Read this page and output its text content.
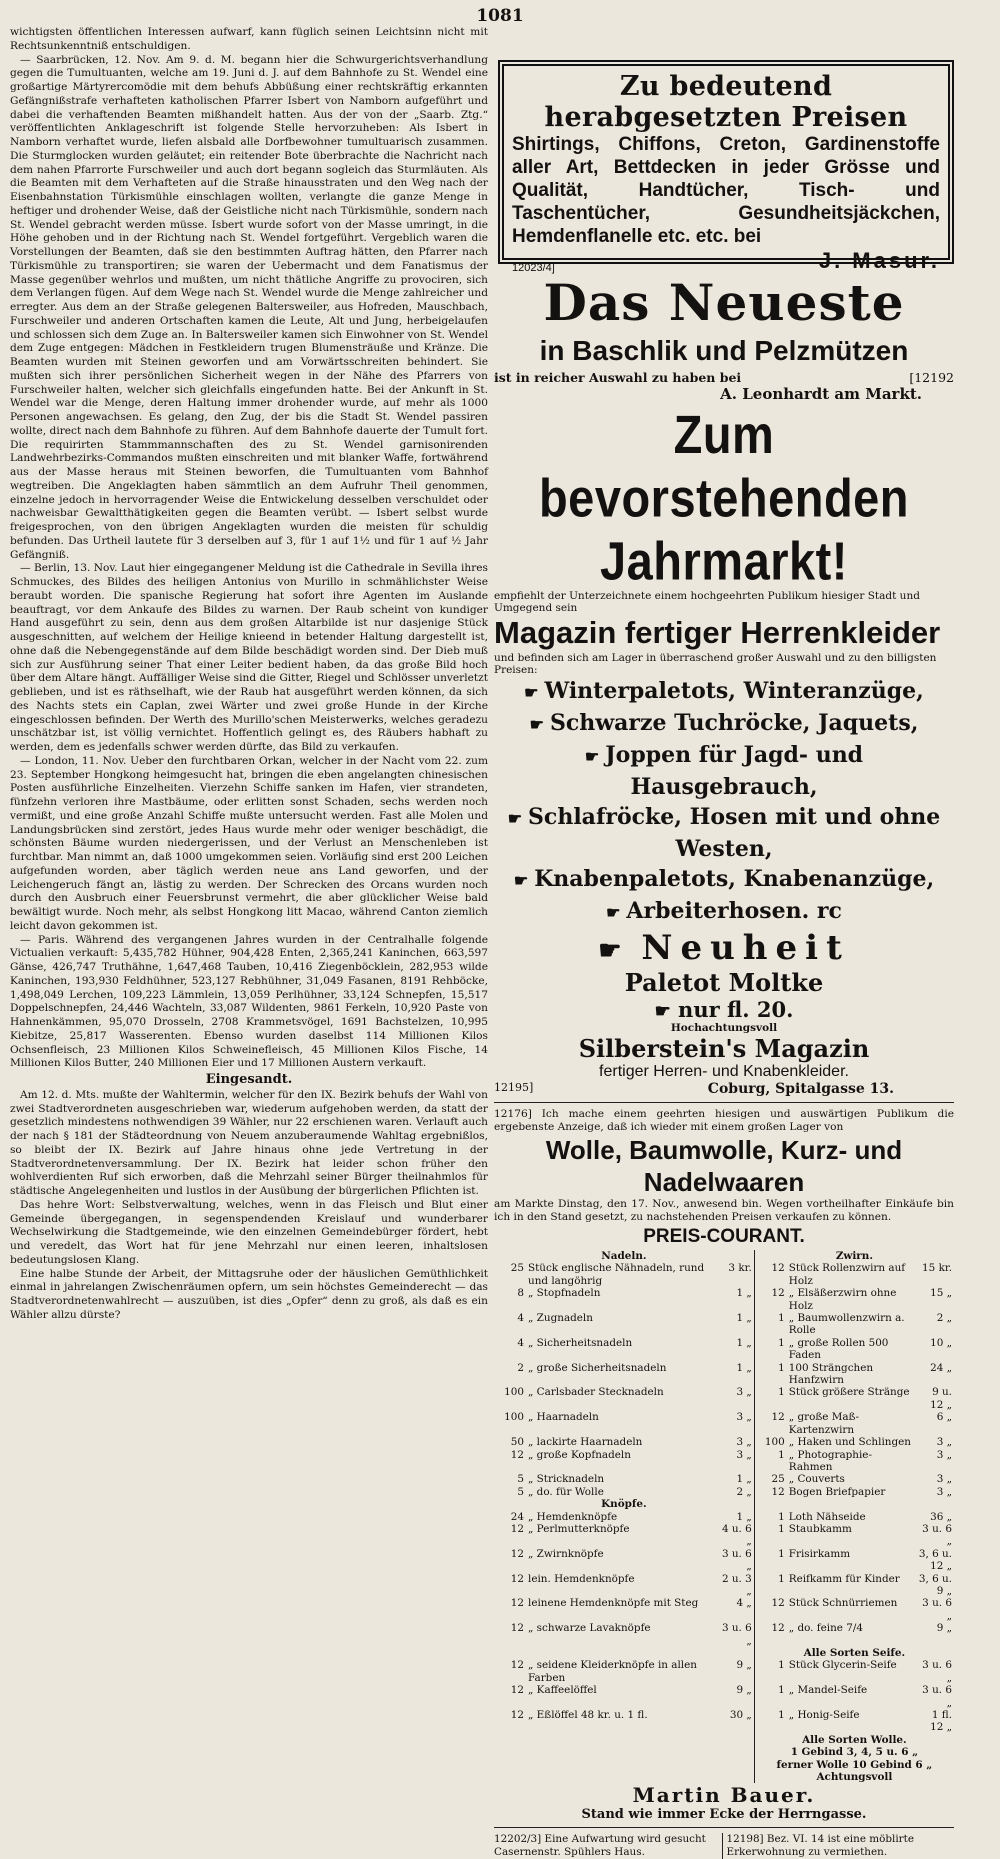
1081

wichtigsten öffentlichen Interessen aufwarf, kann füglich seinen Leichtsinn nicht mit Rechtsunkenntniß entschuldigen.

— Saarbrücken, 12. Nov. Am 9. d. M. begann hier die Schwurgerichtsverhandlung gegen die Tumultuanten, welche am 19. Juni d. J. auf dem Bahnhofe zu St. Wendel eine großartige Märtyrercomödie mit dem behufs Abbüßung einer rechtskräftig erkannten Gefängnißstrafe verhafteten katholischen Pfarrer Isbert von Namborn aufgeführt und dabei die verhaftenden Beamten mißhandelt hatten. Aus der von der „Saarb. Ztg.“ veröffentlichten Anklageschrift ist folgende Stelle hervorzuheben: Als Isbert in Namborn verhaftet wurde, liefen alsbald alle Dorfbewohner tumultuarisch zusammen. Die Sturmglocken wurden geläutet; ein reitender Bote überbrachte die Nachricht nach dem nahen Pfarrorte Furschweiler und auch dort begann sogleich das Sturmläuten. Als die Beamten mit dem Verhafteten auf die Straße hinausstraten und den Weg nach der Eisenbahnstation Türkismühle einschlagen wollten, verlangte die ganze Menge in heftiger und drohender Weise, daß der Geistliche nicht nach Türkismühle, sondern nach St. Wendel gebracht werden müsse. Isbert wurde sofort von der Masse umringt, in die Höhe gehoben und in der Richtung nach St. Wendel fortgeführt. Vergeblich waren die Vorstellungen der Beamten, daß sie den bestimmten Auftrag hätten, den Pfarrer nach Türkismühle zu transportiren; sie waren der Uebermacht und dem Fanatismus der Masse gegenüber wehrlos und mußten, um nicht thätliche Angriffe zu provociren, sich dem Verlangen fügen. Auf dem Wege nach St. Wendel wurde die Menge zahlreicher und erregter. Aus dem an der Straße gelegenen Baltersweiler, aus Hofreden, Mauschbach, Furschweiler und anderen Ortschaften kamen die Leute, Alt und Jung, herbeigelaufen und schlossen sich dem Zuge an. In Baltersweiler kamen sich Einwohner von St. Wendel dem Zuge entgegen: Mädchen in Festkleidern trugen Blumensträuße und Kränze. Die Beamten wurden mit Steinen geworfen und am Vorwärtsschreiten behindert. Sie mußten sich ihrer persönlichen Sicherheit wegen in der Nähe des Pfarrers von Furschweiler halten, welcher sich gleichfalls eingefunden hatte. Bei der Ankunft in St. Wendel war die Menge, deren Haltung immer drohender wurde, auf mehr als 1000 Personen angewachsen. Es gelang, den Zug, der bis die Stadt St. Wendel passiren wollte, direct nach dem Bahnhofe zu führen. Auf dem Bahnhofe dauerte der Tumult fort. Die requirirten Stammmannschaften des zu St. Wendel garnisonirenden Landwehrbezirks-Commandos mußten einschreiten und mit blanker Waffe, fortwährend aus der Masse heraus mit Steinen beworfen, die Tumultuanten vom Bahnhof wegtreiben. Die Angeklagten haben sämmtlich an dem Aufruhr Theil genommen, einzelne jedoch in hervorragender Weise die Entwickelung desselben verschuldet oder nachweisbar Gewaltthätigkeiten gegen die Beamten verübt. — Isbert selbst wurde freigesprochen, von den übrigen Angeklagten wurden die meisten für schuldig befunden. Das Urtheil lautete für 3 derselben auf 3, für 1 auf 1½ und für 1 auf ½ Jahr Gefängniß.

— Berlin, 13. Nov. Laut hier eingegangener Meldung ist die Cathedrale in Sevilla ihres Schmuckes, des Bildes des heiligen Antonius von Murillo in schmählichster Weise beraubt worden. Die spanische Regierung hat sofort ihre Agenten im Auslande beauftragt, vor dem Ankaufe des Bildes zu warnen. Der Raub scheint von kundiger Hand ausgeführt zu sein, denn aus dem großen Altarbilde ist nur dasjenige Stück ausgeschnitten, auf welchem der Heilige knieend in betender Haltung dargestellt ist, ohne daß die Nebengegenstände auf dem Bilde beschädigt worden sind. Der Dieb muß sich zur Ausführung seiner That einer Leiter bedient haben, da das große Bild hoch über dem Altare hängt. Auffälliger Weise sind die Gitter, Riegel und Schlösser unverletzt geblieben, und ist es räthselhaft, wie der Raub hat ausgeführt werden können, da sich des Nachts stets ein Caplan, zwei Wärter und zwei große Hunde in der Kirche eingeschlossen befinden. Der Werth des Murillo'schen Meisterwerks, welches geradezu unschätzbar ist, ist völlig vernichtet. Hoffentlich gelingt es, des Räubers habhaft zu werden, dem es jedenfalls schwer werden dürfte, das Bild zu verkaufen.

— London, 11. Nov. Ueber den furchtbaren Orkan, welcher in der Nacht vom 22. zum 23. September Hongkong heimgesucht hat, bringen die eben angelangten chinesischen Posten ausführliche Einzelheiten. Vierzehn Schiffe sanken im Hafen, vier strandeten, fünfzehn verloren ihre Mastbäume, oder erlitten sonst Schaden, sechs werden noch vermißt, und eine große Anzahl Schiffe mußte untersucht werden. Fast alle Molen und Landungsbrücken sind zerstört, jedes Haus wurde mehr oder weniger beschädigt, die schönsten Bäume wurden niedergerissen, und der Verlust an Menschenleben ist furchtbar. Man nimmt an, daß 1000 umgekommen seien. Vorläufig sind erst 200 Leichen aufgefunden worden, aber täglich werden neue ans Land geworfen, und der Leichengeruch fängt an, lästig zu werden. Der Schrecken des Orcans wurden noch durch den Ausbruch einer Feuersbrunst vermehrt, die aber glücklicher Weise bald bewältigt wurde. Noch mehr, als selbst Hongkong litt Macao, während Canton ziemlich leicht davon gekommen ist.

— Paris. Während des vergangenen Jahres wurden in der Centralhalle folgende Victualien verkauft: 5,435,782 Hühner, 904,428 Enten, 2,365,241 Kaninchen, 663,597 Gänse, 426,747 Truthähne, 1,647,468 Tauben, 10,416 Ziegenböcklein, 282,953 wilde Kaninchen, 193,930 Feldhühner, 523,127 Rebhühner, 31,049 Fasanen, 8191 Rehböcke, 1,498,049 Lerchen, 109,223 Lämmlein, 13,059 Perlhühner, 33,124 Schnepfen, 15,517 Doppelschnepfen, 24,446 Wachteln, 33,087 Wildenten, 9861 Ferkeln, 10,920 Paste von Hahnenkämmen, 95,070 Drosseln, 2708 Krammetsvögel, 1691 Bachstelzen, 10,995 Kiebitze, 25,817 Wasserenten. Ebenso wurden daselbst 114 Millionen Kilos Ochsenfleisch, 23 Millionen Kilos Schweinefleisch, 45 Millionen Kilos Fische, 14 Millionen Kilos Butter, 240 Millionen Eier und 17 Millionen Austern verkauft.

Eingesandt.

Am 12. d. Mts. mußte der Wahltermin, welcher für den IX. Bezirk behufs der Wahl von zwei Stadtverordneten ausgeschrieben war, wiederum aufgehoben werden, da statt der gesetzlich mindestens nothwendigen 39 Wähler, nur 22 erschienen waren. Verlauft auch der nach § 181 der Städteordnung von Neuem anzuberaumende Wahltag ergebnißlos, so bleibt der IX. Bezirk auf Jahre hinaus ohne jede Vertretung in der Stadtverordnetenversammlung. Der IX. Bezirk hat leider schon früher den wohlverdienten Ruf sich erworben, daß die Mehrzahl seiner Bürger theilnahmlos für städtische Angelegenheiten und lustlos in der Ausübung der bürgerlichen Pflichten ist.

Das hehre Wort: Selbstverwaltung, welches, wenn in das Fleisch und Blut einer Gemeinde übergegangen, in segenspendenden Kreislauf und wunderbarer Wechselwirkung die Stadtgemeinde, wie den einzelnen Gemeindebürger fördert, hebt und veredelt, das Wort hat für jene Mehrzahl nur einen leeren, inhaltslosen bedeutungslosen Klang.

Eine halbe Stunde der Arbeit, der Mittagsruhe oder der häuslichen Gemüthlichkeit einmal in jahrelangen Zwischenräumen opfern, um sein höchstes Gemeinderecht — das Stadtverordnetenwahlrecht — auszuüben, ist dies „Opfer“ denn zu groß, als daß es ein Wähler allzu dürste?

Zu bedeutend herabgesetzten Preisen
Shirtings, Chiffons, Creton, Gardinenstoffe aller Art, Bettdecken in jeder Grösse und Qualität, Handtücher, Tisch- und Taschentücher, Gesundheitsjäckchen, Hemdenflanelle etc. etc. bei
12023/4]	J. Masur.
Das Neueste
in Baschlik und Pelzmützen
ist in reicher Auswahl zu haben bei	[12192
A. Leonhardt am Markt.
Zum bevorstehenden Jahrmarkt!
empfiehlt der Unterzeichnete einem hochgeehrten Publikum hiesiger Stadt und Umgegend sein
Magazin fertiger Herrenkleider
und befinden sich am Lager in überraschend großer Auswahl und zu den billigsten Preisen:
☛ Winterpaletots, Winteranzüge,
☛ Schwarze Tuchröcke, Jaquets,
☛ Joppen für Jagd- und Hausgebrauch,
☛ Schlafröcke, Hosen mit und ohne Westen,
☛ Knabenpaletots, Knabenanzüge,
☛ Arbeiterhosen. rc
☛ Neuheit
Paletot Moltke
☛ nur fl. 20.
Hochachtungsvoll
Silberstein's Magazin
fertiger Herren- und Knabenkleider.
12195]	Coburg, Spitalgasse 13.
12176] Ich mache einem geehrten hiesigen und auswärtigen Publikum die ergebenste Anzeige, daß ich wieder mit einem großen Lager von
Wolle, Baumwolle, Kurz- und Nadelwaaren
am Markte Dinstag, den 17. Nov., anwesend bin. Wegen vortheilhafter Einkäufe bin ich in den Stand gesetzt, zu nachstehenden Preisen verkaufen zu können.
PREIS-COURANT.
Nadeln.			Zwirn.		
25	Stück englische Nähnadeln, rund und langöhrig	3 kr.	12	Stück Rollenzwirn auf Holz	15 kr.
8	„ Stopfnadeln	1 „	12	„ Elsäßerzwirn ohne Holz	15 „
4	„ Zugnadeln	1 „	1	„ Baumwollenzwirn a. Rolle	2 „
4	„ Sicherheitsnadeln	1 „	1	„ große Rollen 500 Faden	10 „
2	„ große Sicherheitsnadeln	1 „	1	100 Strängchen Hanfzwirn	24 „
100	„ Carlsbader Stecknadeln	3 „	1	Stück größere Stränge	9 u. 12 „
100	„ Haarnadeln	3 „	12	„ große Maß-Kartenzwirn	6 „
50	„ lackirte Haarnadeln	3 „	100	„ Haken und Schlingen	3 „
12	„ große Kopfnadeln	3 „	1	„ Photographie-Rahmen	3 „
5	„ Stricknadeln	1 „	25	„ Couverts	3 „
5	„ do. für Wolle	2 „	12	Bogen Briefpapier	3 „
Knöpfe.					
24	„ Hemdenknöpfe	1 „	1	Loth Nähseide	36 „
12	„ Perlmutterknöpfe	4 u. 6 „	1	Staubkamm	3 u. 6 „
12	„ Zwirnknöpfe	3 u. 6 „	1	Frisirkamm	3, 6 u. 12 „
12	lein. Hemdenknöpfe	2 u. 3 „	1	Reifkamm für Kinder	3, 6 u. 9 „
12	leinene Hemdenknöpfe mit Steg	4 „	12	Stück Schnürriemen	3 u. 6 „
12	„ schwarze Lavaknöpfe	3 u. 6 „	12	„ do. feine 7/4	9 „
			Alle Sorten Seife.		
12	„ seidene Kleiderknöpfe in allen Farben	9 „	1	Stück Glycerin-Seife	3 u. 6 „
12	„ Kaffeelöffel	9 „	1	„ Mandel-Seife	3 u. 6 „
12	„ Eßlöffel 48 kr. u. 1 fl.	30 „	1	„ Honig-Seife	1 fl. 12 „
			Alle Sorten Wolle.		
			1 Gebind 3, 4, 5 u. 6 „		
			ferner Wolle 10 Gebind 6 „		
			Achtungsvoll		
Martin Bauer.
Stand wie immer Ecke der Herrngasse.
12202/3] Eine Aufwartung wird gesucht Casernenstr. Spühlers Haus.
12198] Bez. VI. 14 ist eine möblirte Erkerwohnung zu vermiethen.
